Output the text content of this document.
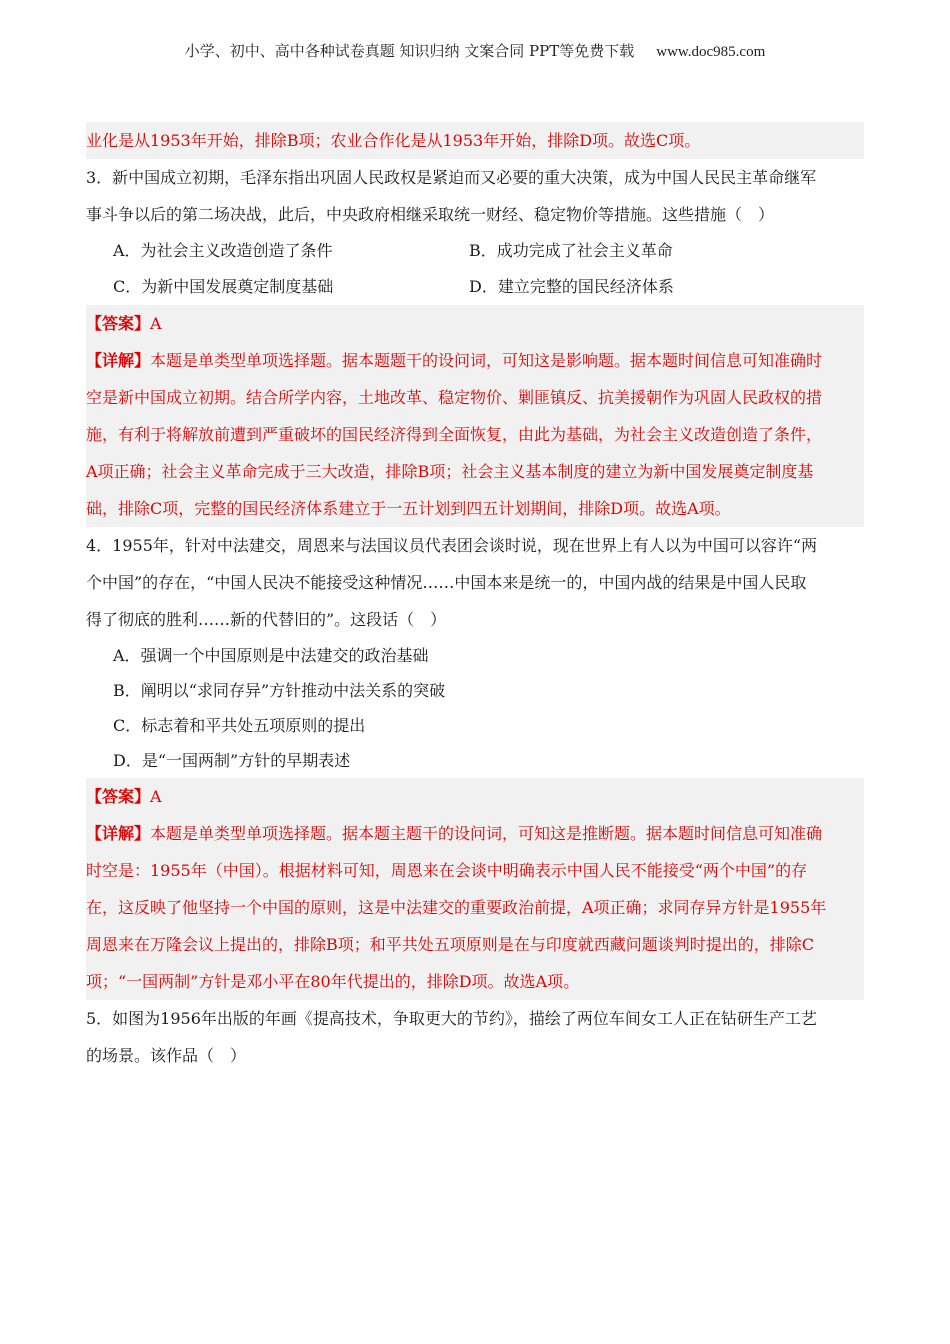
小学、初中、高中各种试卷真题 知识归纳 文案合同 PPT等免费下载 www.doc985.com
业化是从1953年开始，排除B项；农业合作化是从1953年开始，排除D项。故选C项。
3．新中国成立初期，毛泽东指出巩固人民政权是紧迫而又必要的重大决策，成为中国人民民主革命继军
事斗争以后的第二场决战，此后，中央政府相继采取统一财经、稳定物价等措施。这些措施（　）
A．为社会主义改造创造了条件	B．成功完成了社会主义革命
C．为新中国发展奠定制度基础	D．建立完整的国民经济体系
【答案】A
【详解】本题是单类型单项选择题。据本题题干的设问词，可知这是影响题。据本题时间信息可知准确时
空是新中国成立初期。结合所学内容，土地改革、稳定物价、剿匪镇反、抗美援朝作为巩固人民政权的措
施，有利于将解放前遭到严重破坏的国民经济得到全面恢复，由此为基础，为社会主义改造创造了条件，
A项正确；社会主义革命完成于三大改造，排除B项；社会主义基本制度的建立为新中国发展奠定制度基
础，排除C项，完整的国民经济体系建立于一五计划到四五计划期间，排除D项。故选A项。
4．1955年，针对中法建交，周恩来与法国议员代表团会谈时说，现在世界上有人以为中国可以容许“两
个中国”的存在，“中国人民决不能接受这种情况……中国本来是统一的，中国内战的结果是中国人民取
得了彻底的胜利……新的代替旧的”。这段话（　）
A．强调一个中国原则是中法建交的政治基础
B．阐明以“求同存异”方针推动中法关系的突破
C．标志着和平共处五项原则的提出
D．是“一国两制”方针的早期表述
【答案】A
【详解】本题是单类型单项选择题。据本题主题干的设问词，可知这是推断题。据本题时间信息可知准确
时空是：1955年（中国）。根据材料可知，周恩来在会谈中明确表示中国人民不能接受“两个中国”的存
在，这反映了他坚持一个中国的原则，这是中法建交的重要政治前提，A项正确；求同存异方针是1955年
周恩来在万隆会议上提出的，排除B项；和平共处五项原则是在与印度就西藏问题谈判时提出的，排除C
项；“一国两制”方针是邓小平在80年代提出的，排除D项。故选A项。
5．如图为1956年出版的年画《提高技术，争取更大的节约》，描绘了两位车间女工人正在钻研生产工艺
的场景。该作品（　）
